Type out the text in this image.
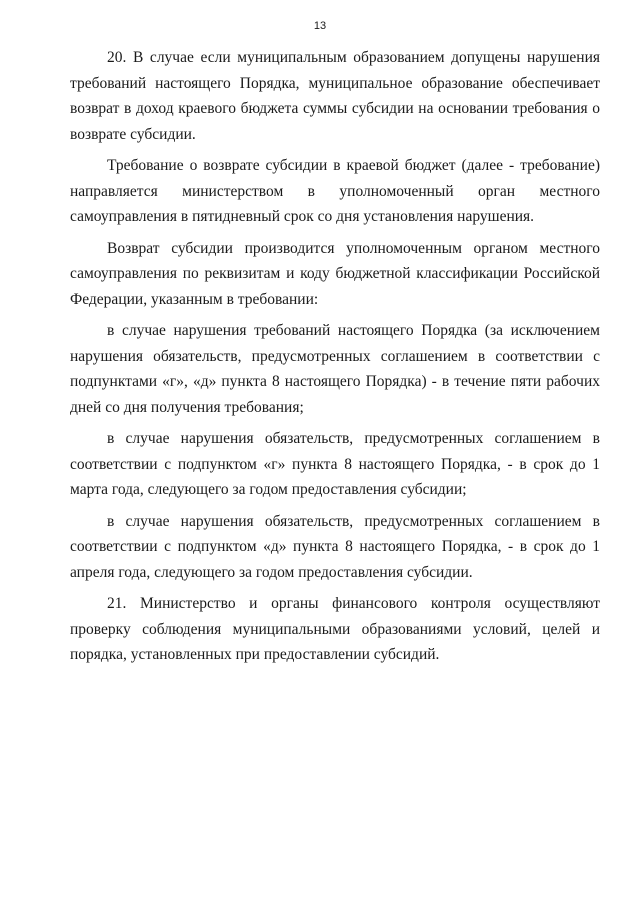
13

20. В случае если муниципальным образованием допущены нарушения требований настоящего Порядка, муниципальное образование обеспечивает возврат в доход краевого бюджета суммы субсидии на основании требования о возврате субсидии.

Требование о возврате субсидии в краевой бюджет (далее - требование) направляется министерством в уполномоченный орган местного самоуправления в пятидневный срок со дня установления нарушения.

Возврат субсидии производится уполномоченным органом местного самоуправления по реквизитам и коду бюджетной классификации Российской Федерации, указанным в требовании:

в случае нарушения требований настоящего Порядка (за исключением нарушения обязательств, предусмотренных соглашением в соответствии с подпунктами «г», «д» пункта 8 настоящего Порядка) - в течение пяти рабочих дней со дня получения требования;

в случае нарушения обязательств, предусмотренных соглашением в соответствии с подпунктом «г» пункта 8 настоящего Порядка, - в срок до 1 марта года, следующего за годом предоставления субсидии;

в случае нарушения обязательств, предусмотренных соглашением в соответствии с подпунктом «д» пункта 8 настоящего Порядка, - в срок до 1 апреля года, следующего за годом предоставления субсидии.

21. Министерство и органы финансового контроля осуществляют проверку соблюдения муниципальными образованиями условий, целей и порядка, установленных при предоставлении субсидий.
